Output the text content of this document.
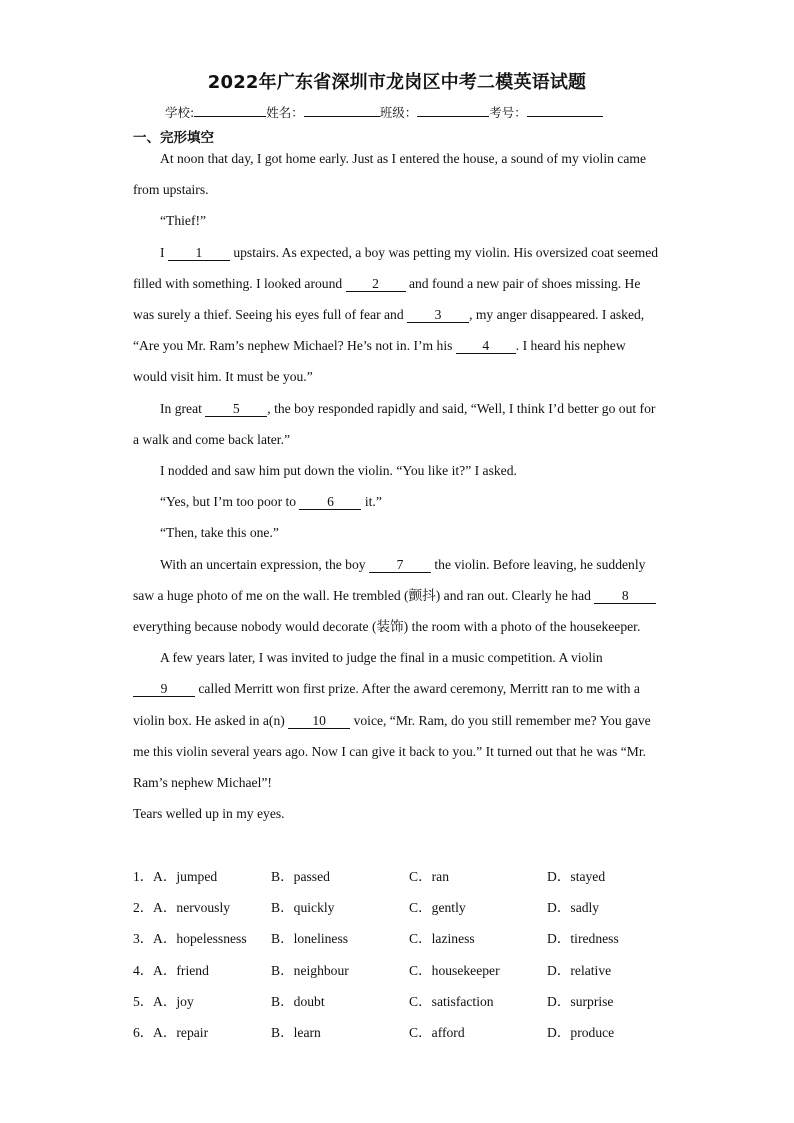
2022年广东省深圳市龙岗区中考二模英语试题
学校:	姓名：	班级：	考号：
一、完形填空

At noon that day, I got home early. Just as I entered the house, a sound of my violin came from upstairs.

“Thief!”

I 1 upstairs. As expected, a boy was petting my violin. His oversized coat seemed filled with something. I looked around 2 and found a new pair of shoes missing. He was surely a thief. Seeing his eyes full of fear and 3 , my anger disappeared. I asked, “Are you Mr. Ram’s nephew Michael? He’s not in. I’m his 4 . I heard his nephew would visit him. It must be you.”

In great 5 , the boy responded rapidly and said, “Well, I think I’d better go out for a walk and come back later.”

I nodded and saw him put down the violin. “You like it?” I asked.

“Yes, but I’m too poor to 6 it.”

“Then, take this one.”

With an uncertain expression, the boy 7 the violin. Before leaving, he suddenly saw a huge photo of me on the wall. He trembled (颤抖) and ran out. Clearly he had 8 everything because nobody would decorate (装饰) the room with a photo of the housekeeper.

A few years later, I was invited to judge the final in a music competition. A violin 9 called Merritt won first prize. After the award ceremony, Merritt ran to me with a violin box. He asked in a(n) 10 voice, “Mr. Ram, do you still remember me? You gave me this violin several years ago. Now I can give it back to you.” It turned out that he was “Mr. Ram’s nephew Michael”!

Tears welled up in my eyes.

1． A．jumped	B．passed	C．ran	D．stayed
2． A．nervously	B．quickly	C．gently	D．sadly
3． A．hopelessness B．loneliness	C．laziness	D．tiredness
4． A．friend	B．neighbour	C．housekeeper	D．relative
5． A．joy	B．doubt	C．satisfaction	D．surprise
6． A．repair	B．learn	C．afford	D．produce
